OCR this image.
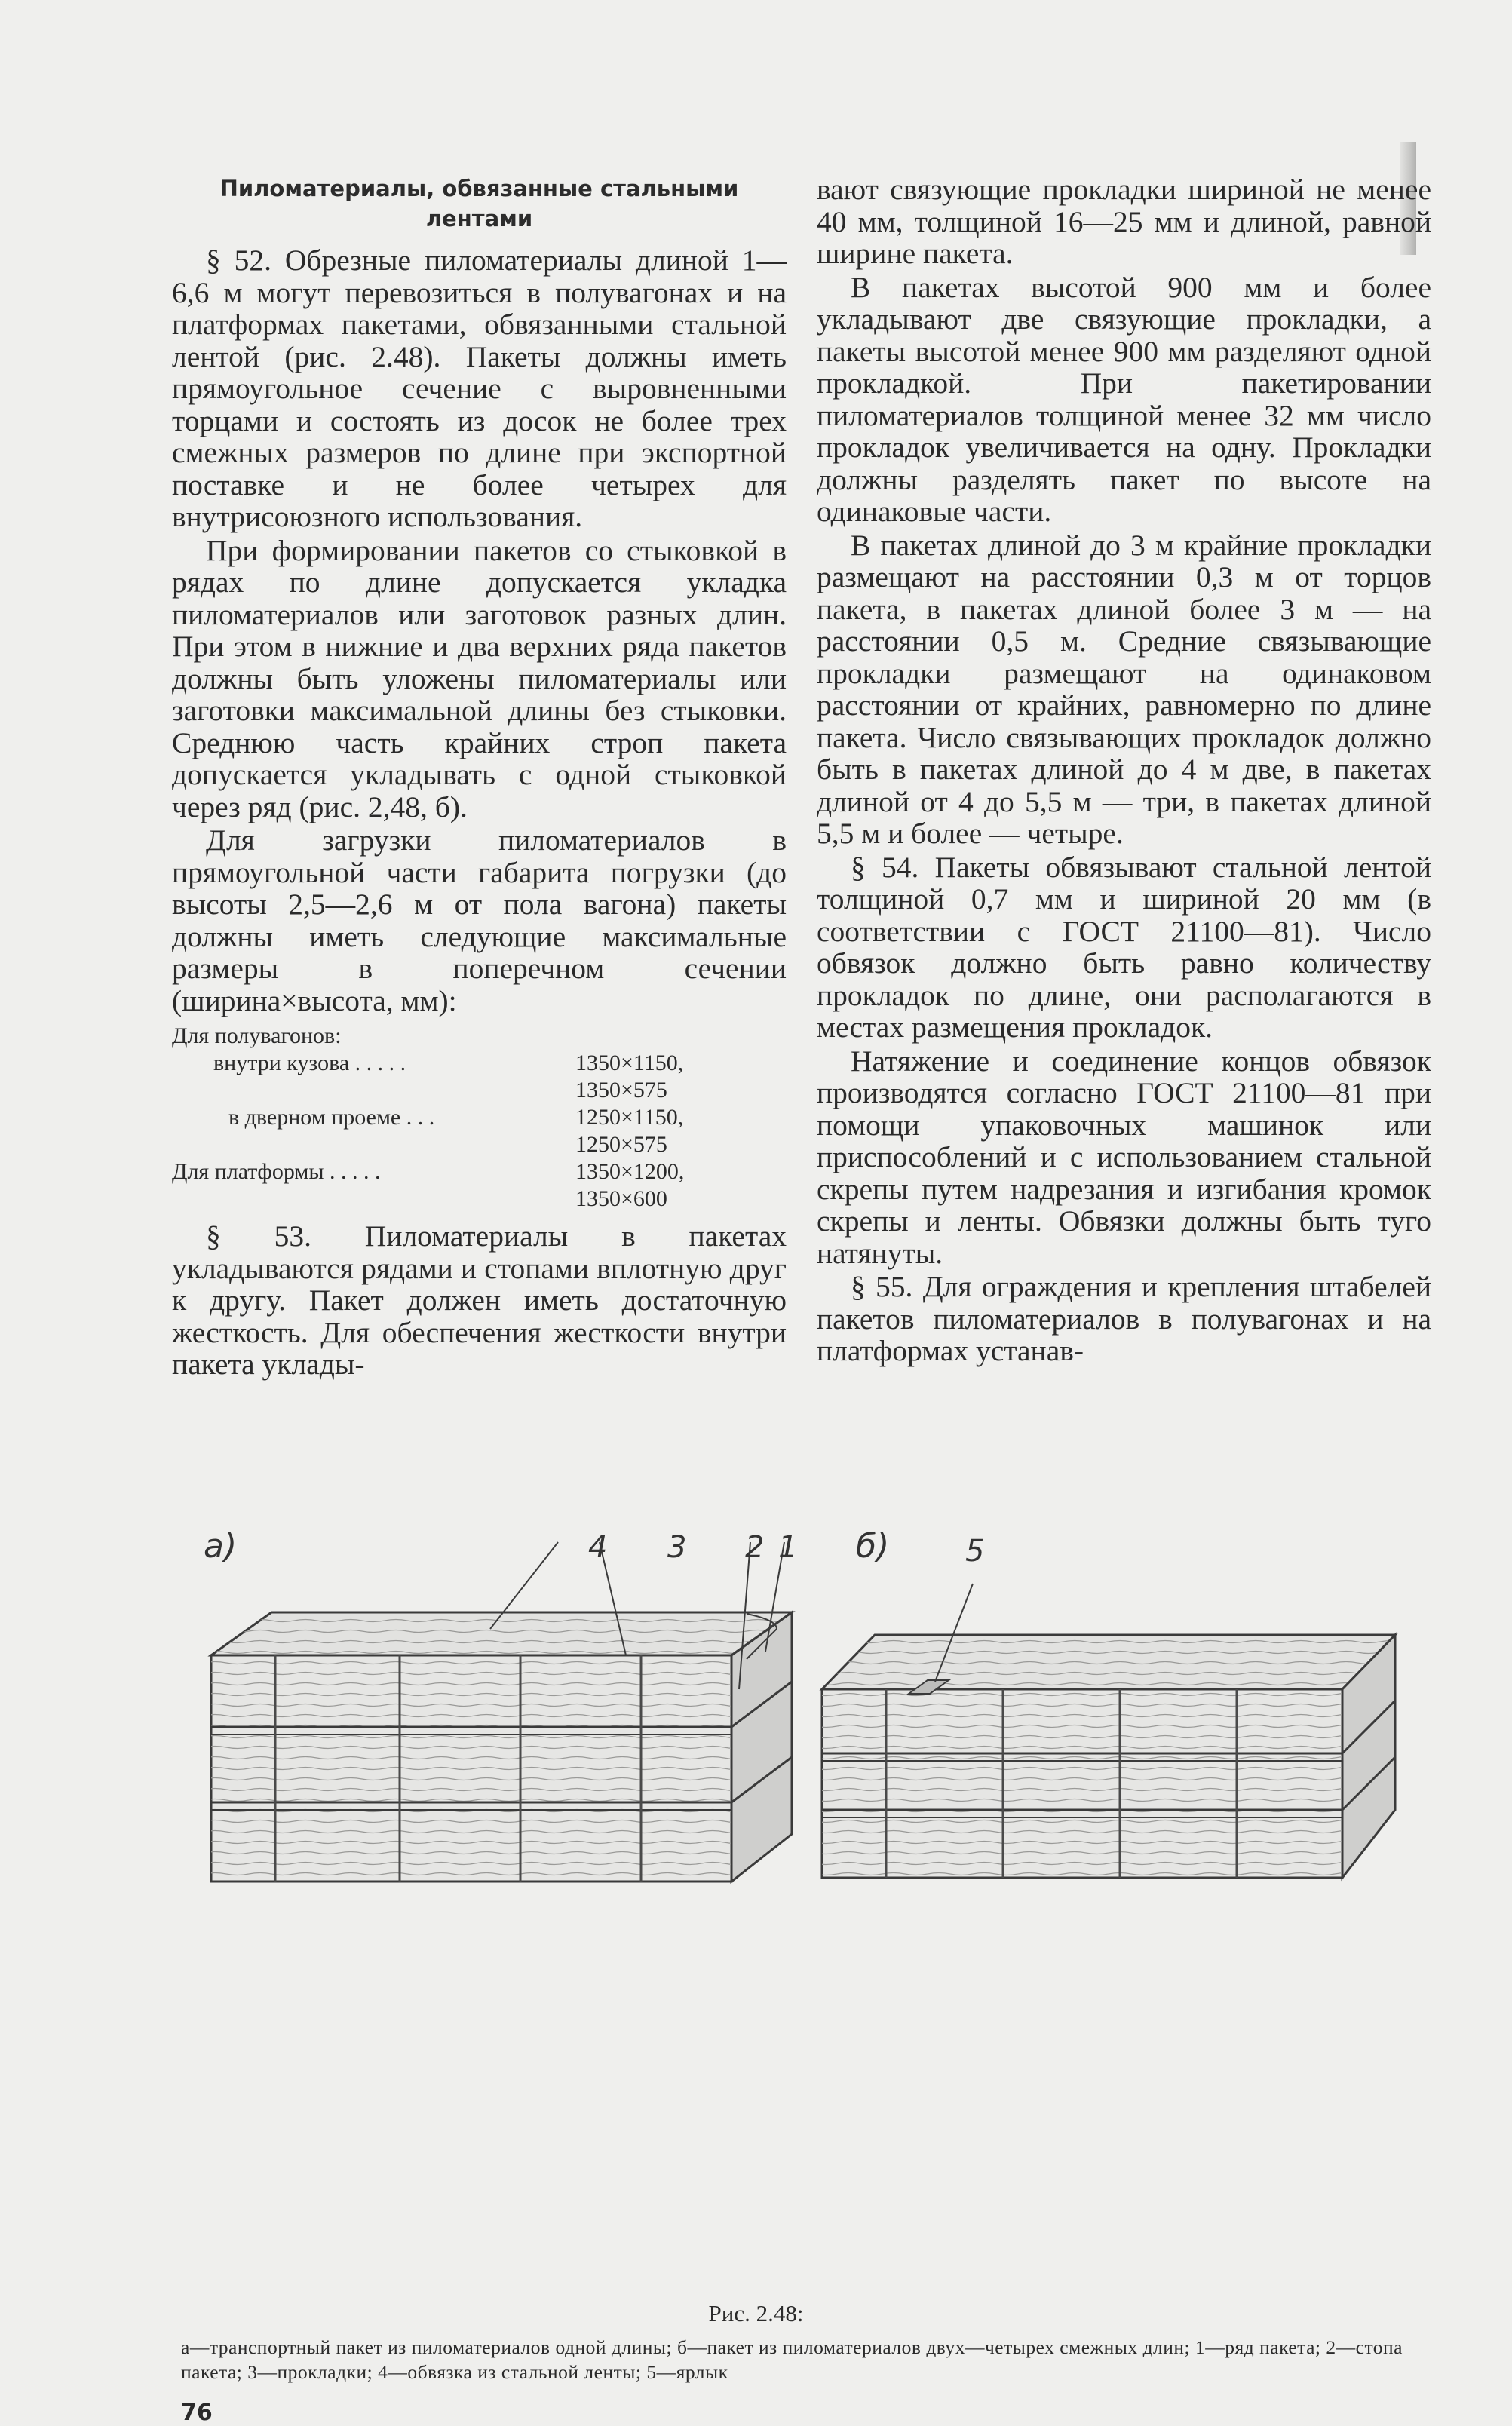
Пиломатериалы, обвязанные стальными лентами

§ 52. Обрезные пиломатериалы длиной 1—6,6 м могут перевозиться в полувагонах и на платформах пакетами, обвязанными стальной лентой (рис. 2.48). Пакеты должны иметь прямоугольное сечение с выровненными торцами и состоять из досок не более трех смежных размеров по длине при экспортной поставке и не более четырех для внутрисоюзного использования.

При формировании пакетов со стыковкой в рядах по длине допускается укладка пиломатериалов или заготовок разных длин. При этом в нижние и два верхних ряда пакетов должны быть уложены пиломатериалы или заготовки максимальной длины без стыковки. Среднюю часть крайних строп пакета допускается укладывать с одной стыковкой через ряд (рис. 2,48, б).

Для загрузки пиломатериалов в прямоугольной части габарита погрузки (до высоты 2,5—2,6 м от пола вагона) пакеты должны иметь следующие максимальные размеры в поперечном сечении (ширина×высота, мм):

Для полувагонов:

внутри кузова . . . . .	1350×1150,
1350×575
в дверном проеме . . .	1250×1150,
1250×575
Для платформы . . . . .	1350×1200,
1350×600

§ 53. Пиломатериалы в пакетах укладываются рядами и стопами вплотную друг к другу. Пакет должен иметь достаточную жесткость. Для обеспечения жесткости внутри пакета уклады-

вают связующие прокладки шириной не менее 40 мм, толщиной 16—25 мм и длиной, равной ширине пакета.

В пакетах высотой 900 мм и более укладывают две связующие прокладки, а пакеты высотой менее 900 мм разделяют одной прокладкой. При пакетировании пиломатериалов толщиной менее 32 мм число прокладок увеличивается на одну. Прокладки должны разделять пакет по высоте на одинаковые части.

В пакетах длиной до 3 м крайние прокладки размещают на расстоянии 0,3 м от торцов пакета, в пакетах длиной более 3 м — на расстоянии 0,5 м. Средние связывающие прокладки размещают на одинаковом расстоянии от крайних, равномерно по длине пакета. Число связывающих прокладок должно быть в пакетах длиной до 4 м две, в пакетах длиной от 4 до 5,5 м — три, в пакетах длиной 5,5 м и более — четыре.

§ 54. Пакеты обвязывают стальной лентой толщиной 0,7 мм и шириной 20 мм (в соответствии с ГОСТ 21100—81). Число обвязок должно быть равно количеству прокладок по длине, они располагаются в местах размещения прокладок.

Натяжение и соединение концов обвязок производятся согласно ГОСТ 21100—81 при помощи упаковочных машинок или приспособлений и с использованием стальной скрепы путем надрезания и изгибания кромок скрепы и ленты. Обвязки должны быть туго натянуты.

§ 55. Для ограждения и крепления штабелей пакетов пиломатериалов в полувагонах и на платформах устанав-

а)	б)
4 3 2 1	5
Рис. 2.48:
а—транспортный пакет из пиломатериалов одной длины; б—пакет из пиломатериалов двух—четырех смежных длин; 1—ряд пакета; 2—стопа пакета; 3—прокладки; 4—обвязка из стальной ленты; 5—ярлык
76
